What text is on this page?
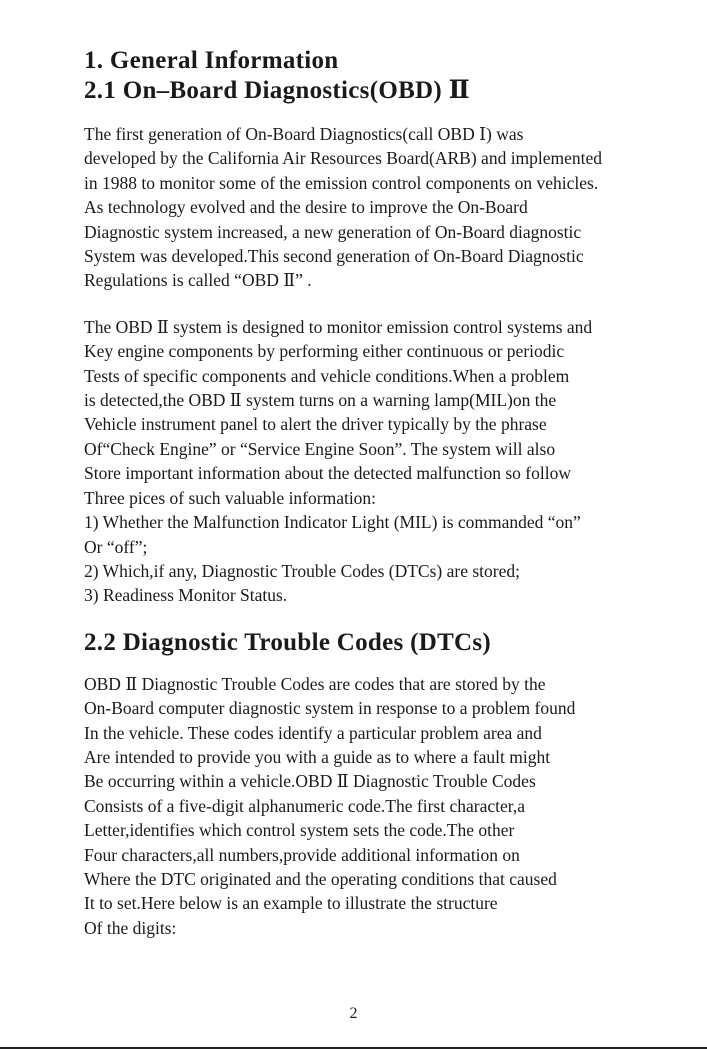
1. General Information
2.1 On–Board Diagnostics(OBD) Ⅱ

The first generation of On-Board Diagnostics(call OBD Ⅰ) was
developed by the California Air Resources Board(ARB) and implemented
in 1988 to monitor some of the emission control components on vehicles.
As technology evolved and the desire to improve the On-Board
Diagnostic system increased, a new generation of On-Board diagnostic
System was developed.This second generation of On-Board Diagnostic
Regulations is called “OBD Ⅱ” .

The OBD Ⅱ system is designed to monitor emission control systems and
Key engine components by performing either continuous or periodic
Tests of specific components and vehicle conditions.When a problem
is detected,the OBD Ⅱ system turns on a warning lamp(MIL)on the
Vehicle instrument panel to alert the driver typically by the phrase
Of“Check Engine” or “Service Engine Soon”. The system will also
Store important information about the detected malfunction so follow
Three pices of such valuable information:
1) Whether the Malfunction Indicator Light (MIL) is commanded “on”
Or “off”;
2) Which,if any, Diagnostic Trouble Codes (DTCs) are stored;
3) Readiness Monitor Status.

2.2 Diagnostic Trouble Codes (DTCs)

OBD Ⅱ Diagnostic Trouble Codes are codes that are stored by the
On-Board computer diagnostic system in response to a problem found
In the vehicle. These codes identify a particular problem area and
Are intended to provide you with a guide as to where a fault might
Be occurring within a vehicle.OBD Ⅱ Diagnostic Trouble Codes
Consists of a five-digit alphanumeric code.The first character,a
Letter,identifies which control system sets the code.The other
Four characters,all numbers,provide additional information on
Where the DTC originated and the operating conditions that caused
It to set.Here below is an example to illustrate the structure
Of the digits:

2
